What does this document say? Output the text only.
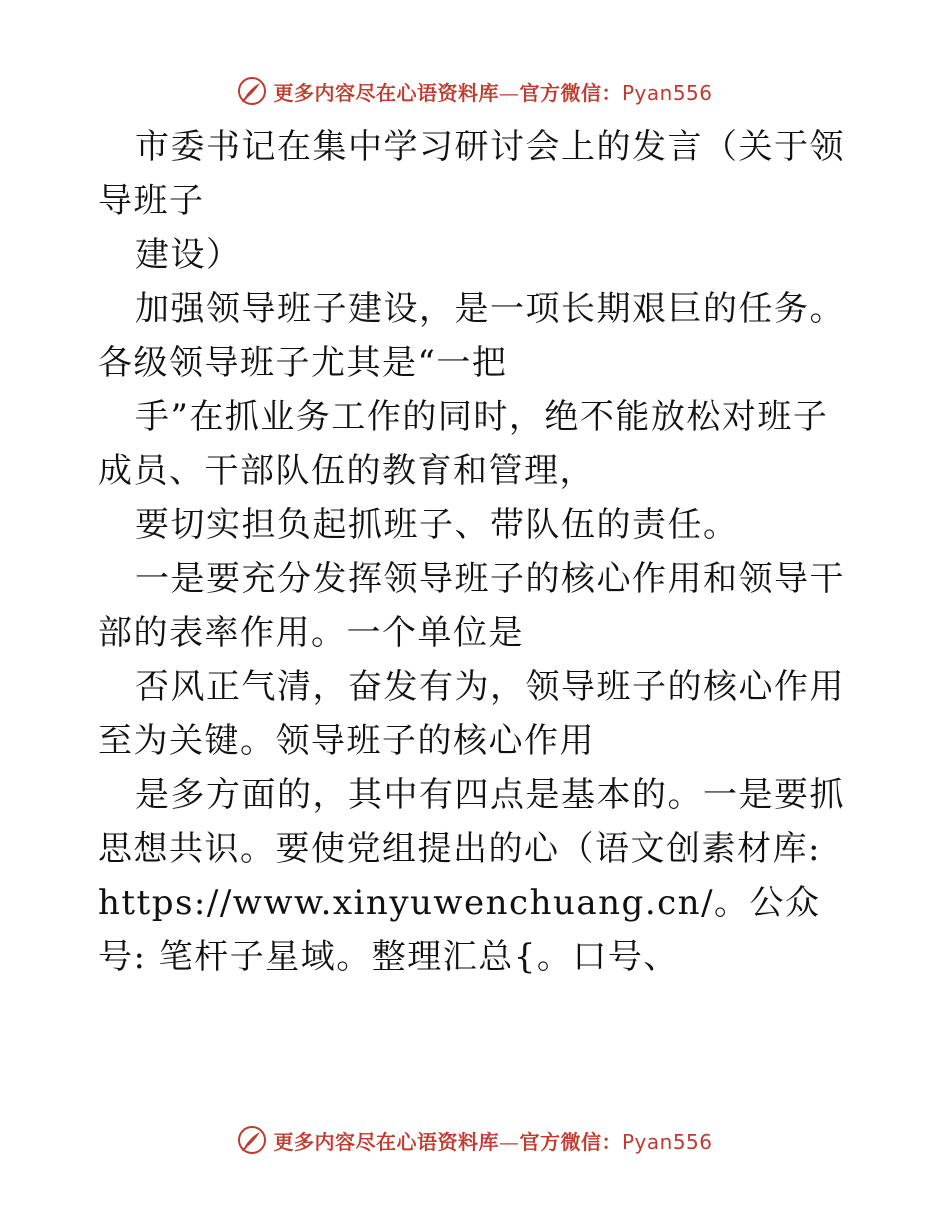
更多内容尽在心语资料库—官方微信：Pyan556

市委书记在集中学习研讨会上的发言（关于领导班子

建设）

加强领导班子建设，是一项长期艰巨的任务。各级领导班子尤其是“一把

手”在抓业务工作的同时，绝不能放松对班子成员、干部队伍的教育和管理，

要切实担负起抓班子、带队伍的责任。

一是要充分发挥领导班子的核心作用和领导干部的表率作用。一个单位是

否风正气清，奋发有为，领导班子的核心作用至为关键。领导班子的核心作用

是多方面的，其中有四点是基本的。一是要抓思想共识。要使党组提出的心（语文创素材库: https://www.xinyuwenchuang.cn/。公众号: 笔杆子星域。整理汇总{。口号、

更多内容尽在心语资料库—官方微信：Pyan556
